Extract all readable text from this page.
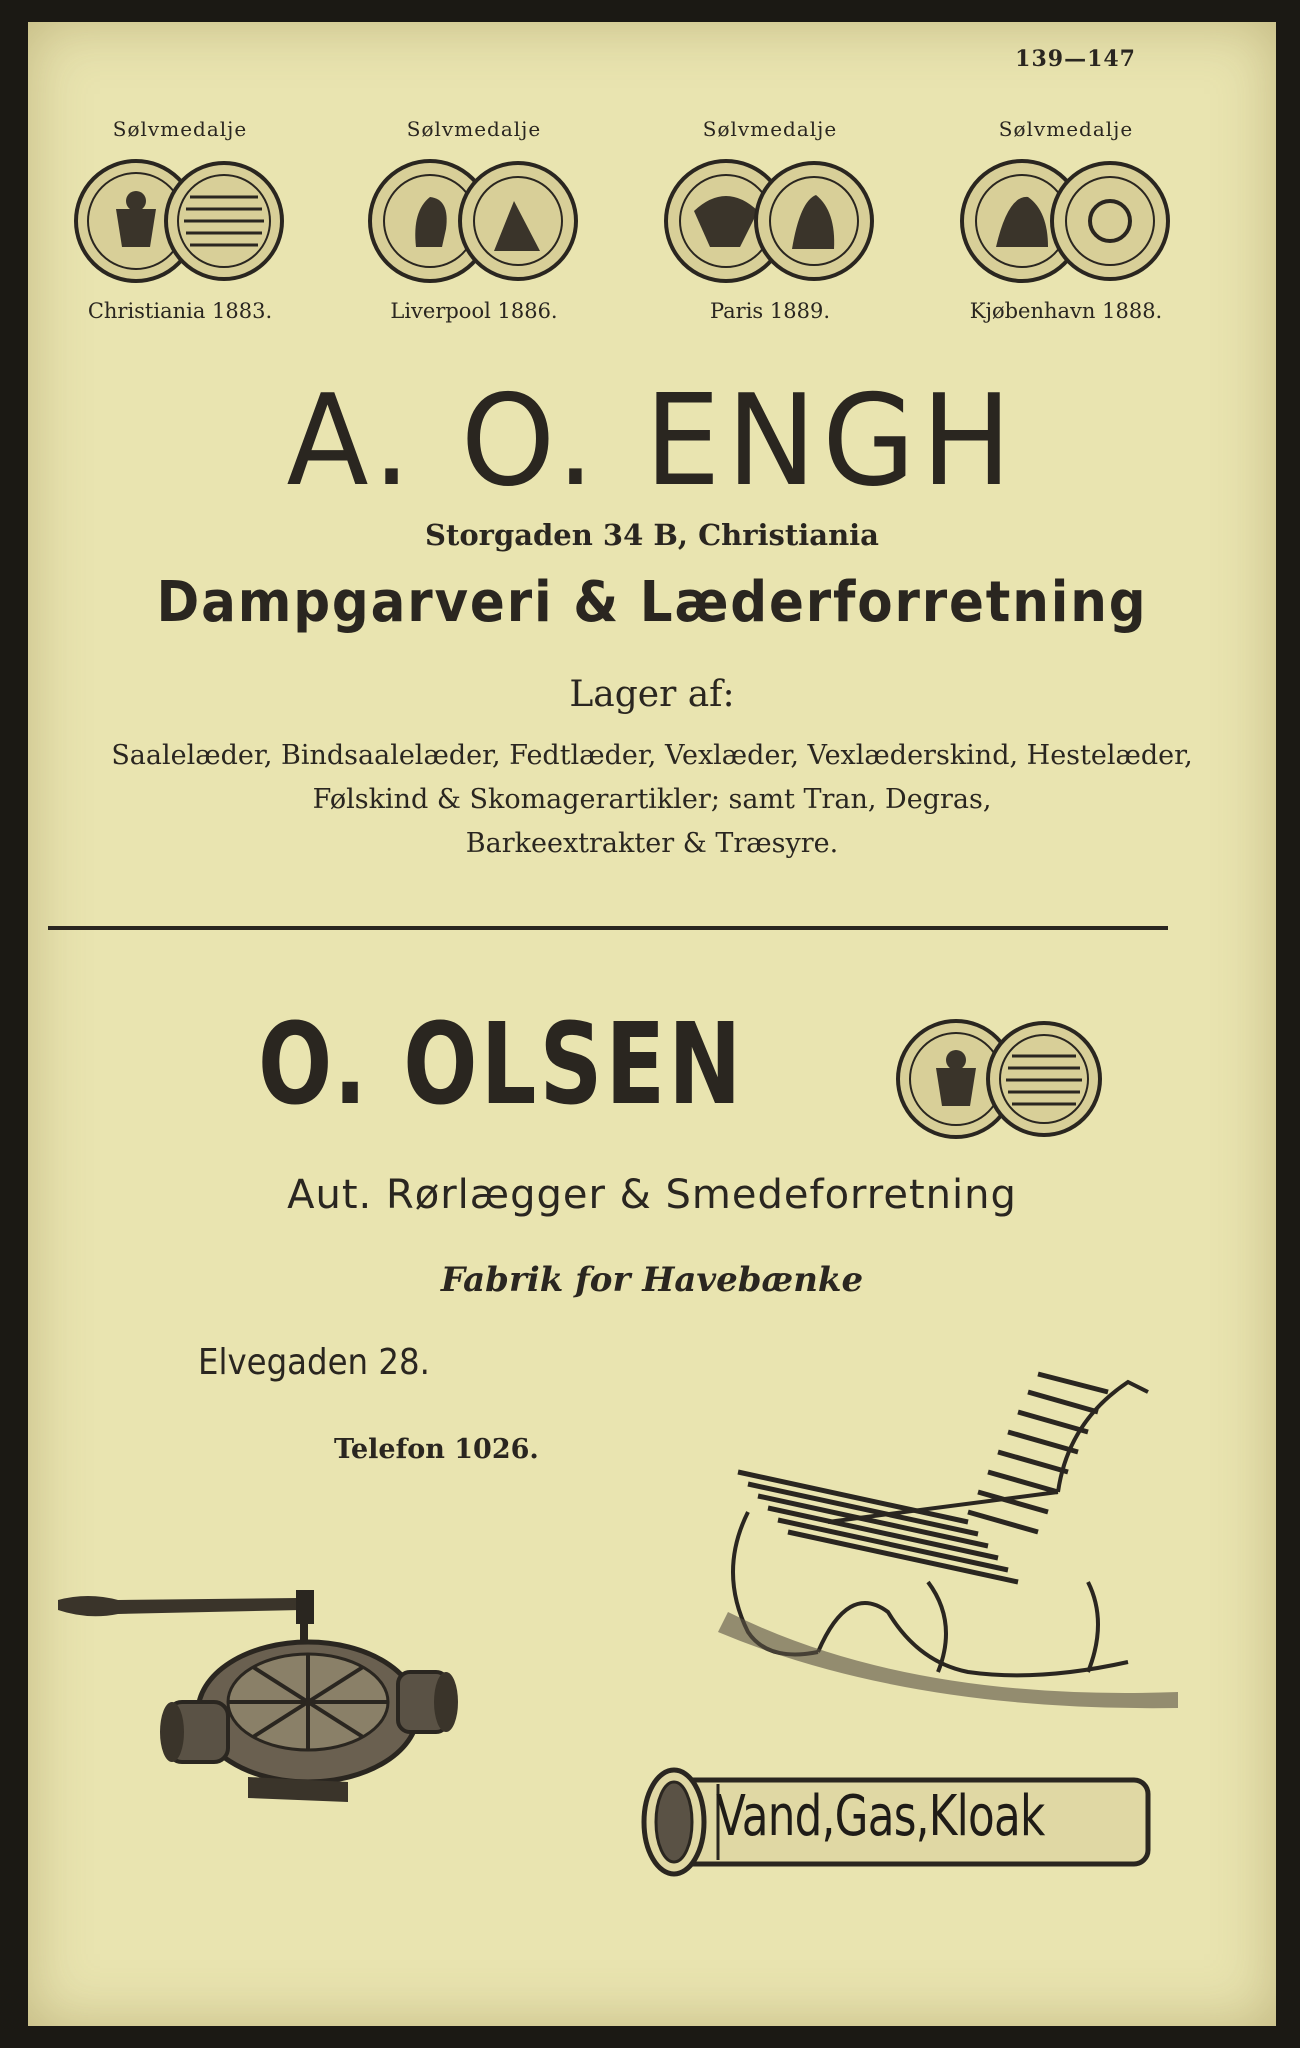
139—147
Sølvmedalje
Christiania 1883.
Sølvmedalje
Liverpool 1886.
Sølvmedalje
Paris 1889.
Sølvmedalje
Kjøbenhavn 1888.
A. O. ENGH
Storgaden 34 B, Christiania
Dampgarveri & Læderforretning
Lager af:
Saalelæder, Bindsaalelæder, Fedtlæder, Vexlæder, Vexlæderskind, Hestelæder,
Følskind & Skomagerartikler; samt Tran, Degras,
Barkeextrakter & Træsyre.
O. OLSEN
Aut. Rørlægger & Smedeforretning
Fabrik for Havebænke
Elvegaden 28.
Telefon 1026.
Vand,Gas,Kloak
